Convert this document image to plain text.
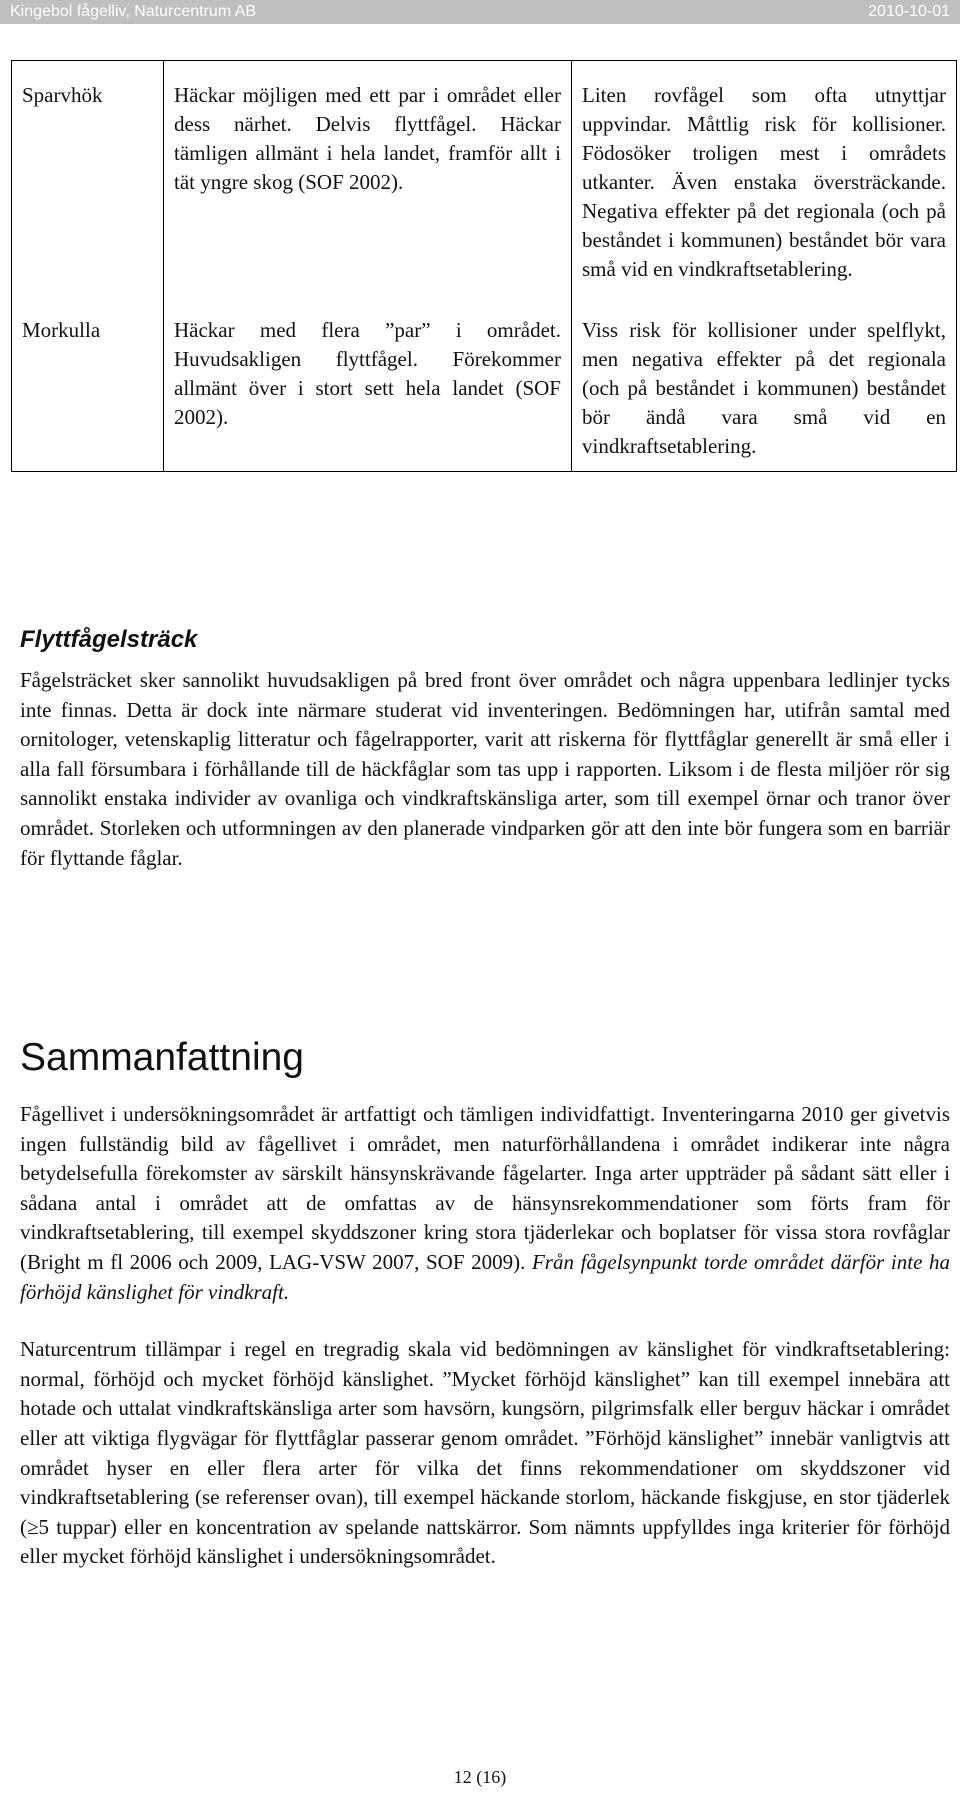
Kingebol fågelliv, Naturcentrum AB	2010-10-01
Sparvhök	Häckar möjligen med ett par i området eller dess närhet. Delvis flyttfågel. Häckar tämligen allmänt i hela landet, framför allt i tät yngre skog (SOF 2002).	Liten rovfågel som ofta utnyttjar uppvindar. Måttlig risk för kollisioner. Födosöker troligen mest i områdets utkanter. Även enstaka översträckande. Negativa effekter på det regionala (och på beståndet i kommunen) beståndet bör vara små vid en vindkraftsetablering.
Morkulla	Häckar med flera ”par” i området. Huvudsakligen flyttfågel. Förekommer allmänt över i stort sett hela landet (SOF 2002).	Viss risk för kollisioner under spelflykt, men negativa effekter på det regionala (och på beståndet i kommunen) beståndet bör ändå vara små vid en vindkraftsetablering.
Flyttfågelsträck

Fågelsträcket sker sannolikt huvudsakligen på bred front över området och några uppenbara ledlinjer tycks inte finnas. Detta är dock inte närmare studerat vid inventeringen. Bedömningen har, utifrån samtal med ornitologer, vetenskaplig litteratur och fågelrapporter, varit att riskerna för flyttfåglar generellt är små eller i alla fall försumbara i förhållande till de häckfåglar som tas upp i rapporten. Liksom i de flesta miljöer rör sig sannolikt enstaka individer av ovanliga och vindkraftskänsliga arter, som till exempel örnar och tranor över området. Storleken och utformningen av den planerade vindparken gör att den inte bör fungera som en barriär för flyttande fåglar.

Sammanfattning

Fågellivet i undersökningsområdet är artfattigt och tämligen individfattigt. Inventeringarna 2010 ger givetvis ingen fullständig bild av fågellivet i området, men naturförhållandena i området indikerar inte några betydelsefulla förekomster av särskilt hänsynskrävande fågelarter. Inga arter uppträder på sådant sätt eller i sådana antal i området att de omfattas av de hänsynsrekommendationer som förts fram för vindkraftsetablering, till exempel skyddszoner kring stora tjäderlekar och boplatser för vissa stora rovfåglar (Bright m fl 2006 och 2009, LAG-VSW 2007, SOF 2009). Från fågelsynpunkt torde området därför inte ha förhöjd känslighet för vindkraft.

Naturcentrum tillämpar i regel en tregradig skala vid bedömningen av känslighet för vindkraftsetablering: normal, förhöjd och mycket förhöjd känslighet. ”Mycket förhöjd känslighet” kan till exempel innebära att hotade och uttalat vindkraftskänsliga arter som havsörn, kungsörn, pilgrimsfalk eller berguv häckar i området eller att viktiga flygvägar för flyttfåglar passerar genom området. ”Förhöjd känslighet” innebär vanligtvis att området hyser en eller flera arter för vilka det finns rekommendationer om skyddszoner vid vindkraftsetablering (se referenser ovan), till exempel häckande storlom, häckande fiskgjuse, en stor tjäderlek (≥5 tuppar) eller en koncentration av spelande nattskärror. Som nämnts uppfylldes inga kriterier för förhöjd eller mycket förhöjd känslighet i undersökningsområdet.

12 (16)
